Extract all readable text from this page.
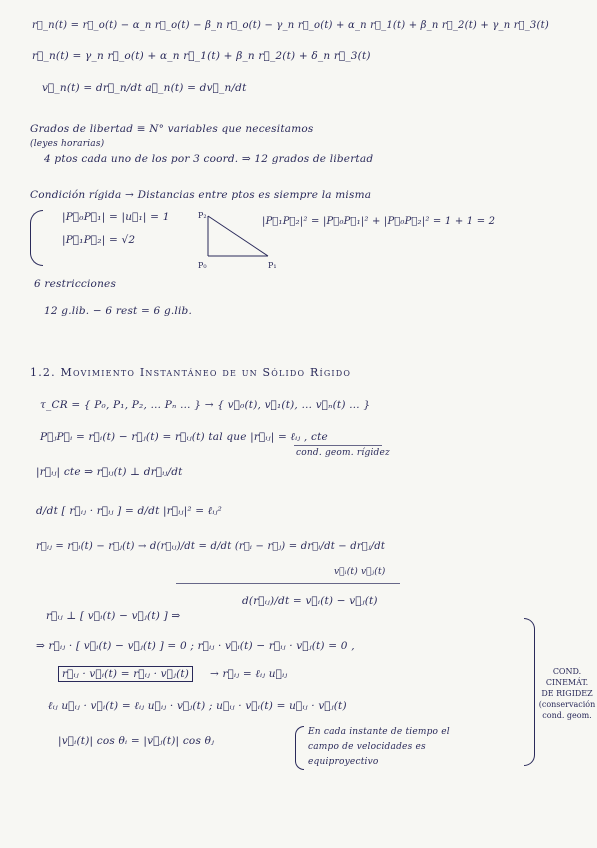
r⃗_n(t) = r⃗_o(t) − α_n r⃗_o(t) − β_n r⃗_o(t) − γ_n r⃗_o(t) + α_n r⃗_1(t) + β_n r⃗_2(t) + γ_n r⃗_3(t)
r⃗_n(t) = γ_n r⃗_o(t) + α_n r⃗_1(t) + β_n r⃗_2(t) + δ_n r⃗_3(t)
v⃗_n(t) = dr⃗_n/dt a⃗_n(t) = dv⃗_n/dt
Grados de libertad ≡ N° variables que necesitamos
(leyes horarias)
4 ptos cada uno de los por 3 coord. ⇒ 12 grados de libertad
Condición rígida → Distancias entre ptos es siempre la misma
|P⃗₀P⃗₁| = |u⃗₁| = 1
|P⃗₁P⃗₂| = √2
P₂
P₀	P₁
|P⃗₁P⃗₂|² = |P⃗₀P⃗₁|² + |P⃗₀P⃗₂|² = 1 + 1 = 2
6 restricciones
12 g.lib. − 6 rest = 6 g.lib.
1.2. Movimiento Instantáneo de un Sólido Rígido
τ_CR = { P₀, P₁, P₂, … Pₙ … } → { v⃗₀(t), v⃗₁(t), … v⃗ₙ(t) … }
P⃗ⱼP⃗ᵢ = r⃗ᵢ(t) − r⃗ⱼ(t) = r⃗ᵢⱼ(t) tal que |r⃗ᵢⱼ| = ℓᵢⱼ , cte
cond. geom. rígidez
|r⃗ᵢⱼ| cte ⇒ r⃗ᵢⱼ(t) ⊥ dr⃗ᵢⱼ/dt
d/dt [ r⃗ᵢⱼ · r⃗ᵢⱼ ] = d/dt |r⃗ᵢⱼ|² = ℓᵢⱼ²
r⃗ᵢⱼ = r⃗ᵢ(t) − r⃗ⱼ(t) → d(r⃗ᵢⱼ)/dt = d/dt (r⃗ᵢ − r⃗ⱼ) = dr⃗ᵢ/dt − dr⃗ⱼ/dt
v⃗ᵢ(t) v⃗ⱼ(t)
d(r⃗ᵢⱼ)/dt = v⃗ᵢ(t) − v⃗ⱼ(t)
r⃗ᵢⱼ ⊥ [ v⃗ᵢ(t) − v⃗ⱼ(t) ] ⇒
⇒ r⃗ᵢⱼ · [ v⃗ᵢ(t) − v⃗ⱼ(t) ] = 0 ; r⃗ᵢⱼ · v⃗ᵢ(t) − r⃗ᵢⱼ · v⃗ⱼ(t) = 0 ,
r⃗ᵢⱼ · v⃗ᵢ(t) = r⃗ᵢⱼ · v⃗ⱼ(t)	→ r⃗ᵢⱼ = ℓᵢⱼ u⃗ᵢⱼ
ℓᵢⱼ u⃗ᵢⱼ · v⃗ᵢ(t) = ℓᵢⱼ u⃗ᵢⱼ · v⃗ⱼ(t) ; u⃗ᵢⱼ · v⃗ᵢ(t) = u⃗ᵢⱼ · v⃗ⱼ(t)
|v⃗ᵢ(t)| cos θᵢ = |v⃗ⱼ(t)| cos θⱼ
En cada instante de tiempo el
campo de velocidades es
equiproyectivo
COND.
CINEMÁT.
DE RIGIDEZ
(conservación
cond. geom.
